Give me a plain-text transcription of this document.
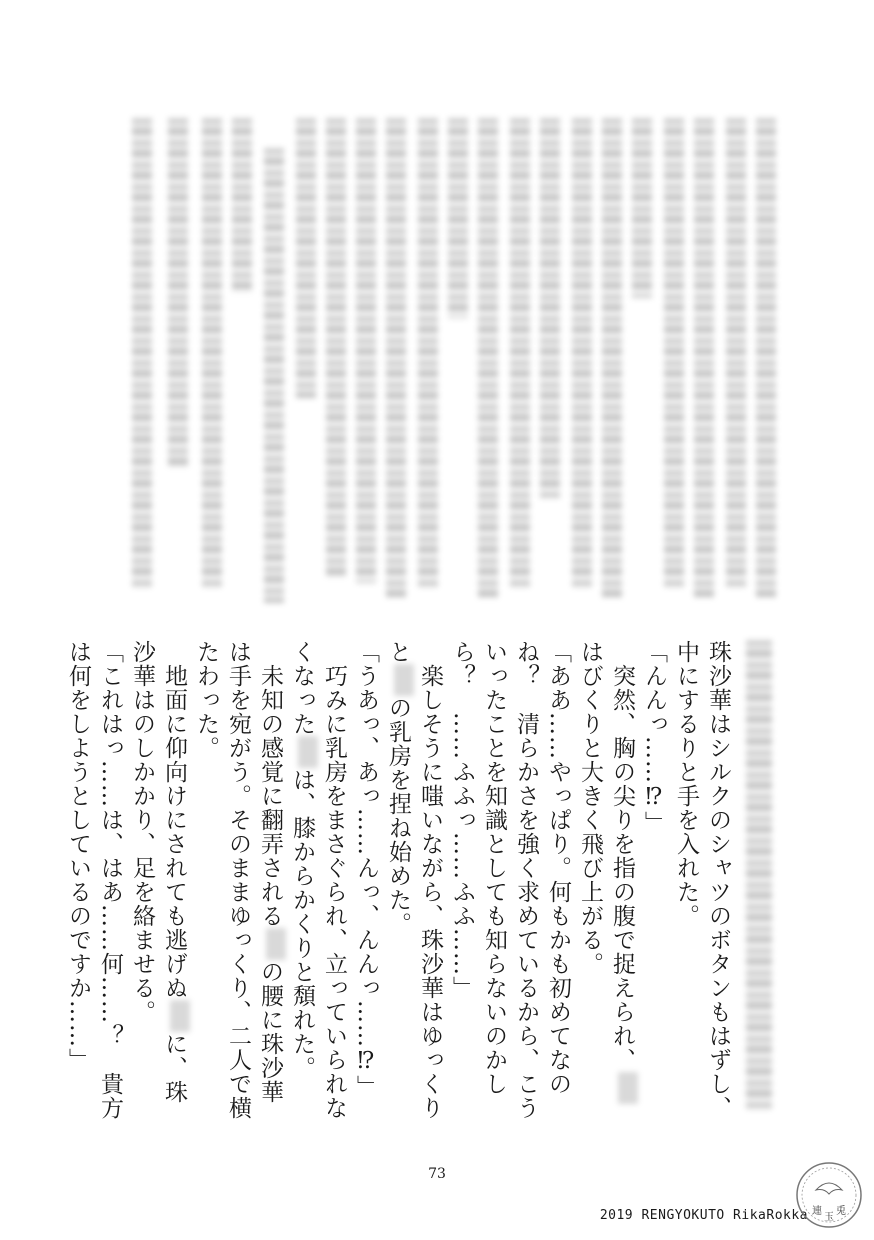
珠沙華はシルクのシャツのボタンもはずし、中にするりと手を入れた。

「んんっ……⁉」

　突然、胸の尖りを指の腹で捉えられ、はびくりと大きく飛び上がる。

「ああ……やっぱり。何もかも初めてなのね？　清らかさを強く求めているから、こういったことを知識としても知らないのかしら？　……ふふっ……ふふ……」

　楽しそうに嗤いながら、珠沙華はゆっくりとの乳房を捏ね始めた。

「うあっ、あっ……んっ、んんっ……⁉」

　巧みに乳房をまさぐられ、立っていられなくなったは、膝からかくりと頽れた。

　未知の感覚に翻弄されるの腰に珠沙華は手を宛がう。そのままゆっくり、二人で横たわった。

　地面に仰向けにされても逃げぬに、珠沙華はのしかかり、足を絡ませる。

「これはっ……は、はあ……何……？　貴方は何をしようとしているのですか……」

73
2019 RENGYOKUTO RikaRokka 連
玉
兎
